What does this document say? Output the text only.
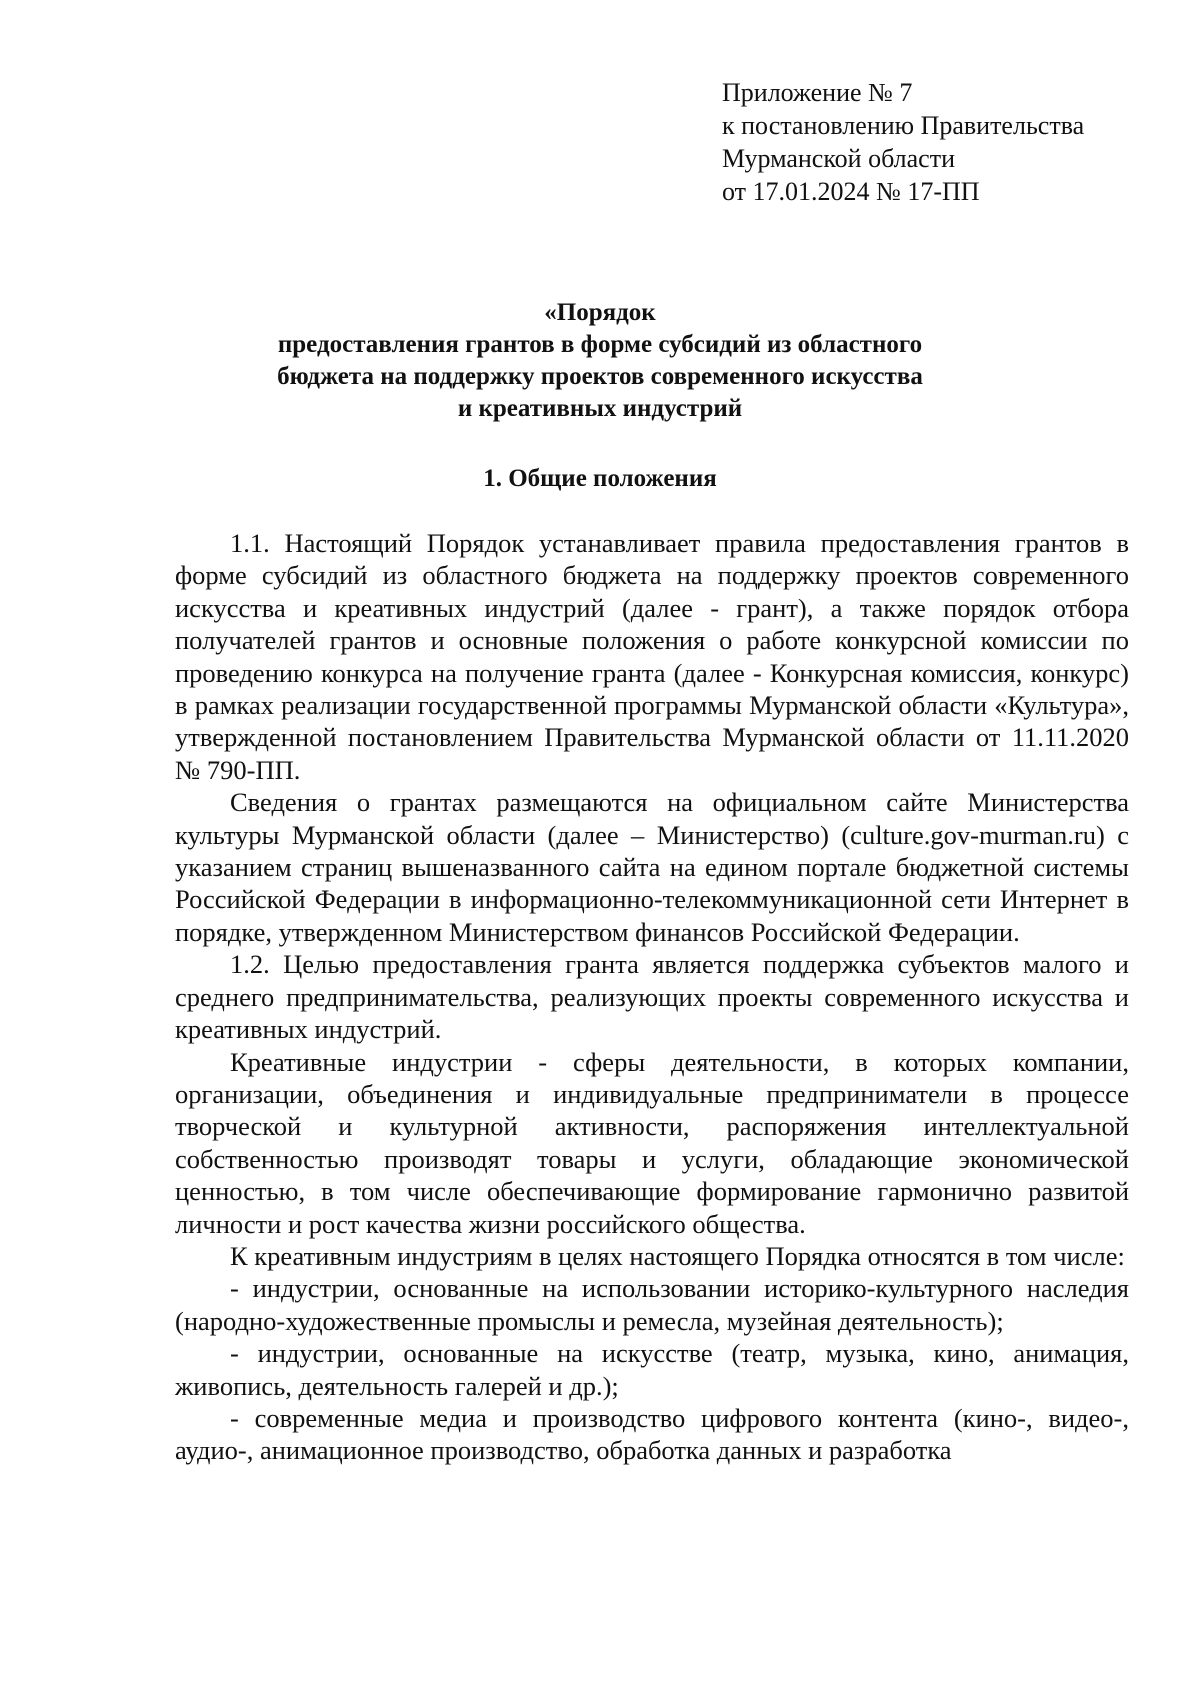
Приложение № 7
к постановлению Правительства
Мурманской области
от 17.01.2024 № 17-ПП
«Порядок
предоставления грантов в форме субсидий из областного
бюджета на поддержку проектов современного искусства
и креативных индустрий
1. Общие положения

1.1. Настоящий Порядок устанавливает правила предоставления грантов в форме субсидий из областного бюджета на поддержку проектов современного искусства и креативных индустрий (далее - грант), а также порядок отбора получателей грантов и основные положения о работе конкурсной комиссии по проведению конкурса на получение гранта (далее - Конкурсная комиссия, конкурс) в рамках реализации государственной программы Мурманской области «Культура», утвержденной постановлением Правительства Мурманской области от 11.11.2020 № 790-ПП.

Сведения о грантах размещаются на официальном сайте Министерства культуры Мурманской области (далее – Министерство) (culture.gov-murman.ru) с указанием страниц вышеназванного сайта на едином портале бюджетной системы Российской Федерации в информационно-телекоммуникационной сети Интернет в порядке, утвержденном Министерством финансов Российской Федерации.

1.2. Целью предоставления гранта является поддержка субъектов малого и среднего предпринимательства, реализующих проекты современного искусства и креативных индустрий.

Креативные индустрии - сферы деятельности, в которых компании, организации, объединения и индивидуальные предприниматели в процессе творческой и культурной активности, распоряжения интеллектуальной собственностью производят товары и услуги, обладающие экономической ценностью, в том числе обеспечивающие формирование гармонично развитой личности и рост качества жизни российского общества.

К креативным индустриям в целях настоящего Порядка относятся в том числе:

- индустрии, основанные на использовании историко-культурного наследия (народно-художественные промыслы и ремесла, музейная деятельность);

- индустрии, основанные на искусстве (театр, музыка, кино, анимация, живопись, деятельность галерей и др.);

- современные медиа и производство цифрового контента (кино-, видео-, аудио-, анимационное производство, обработка данных и разработка
